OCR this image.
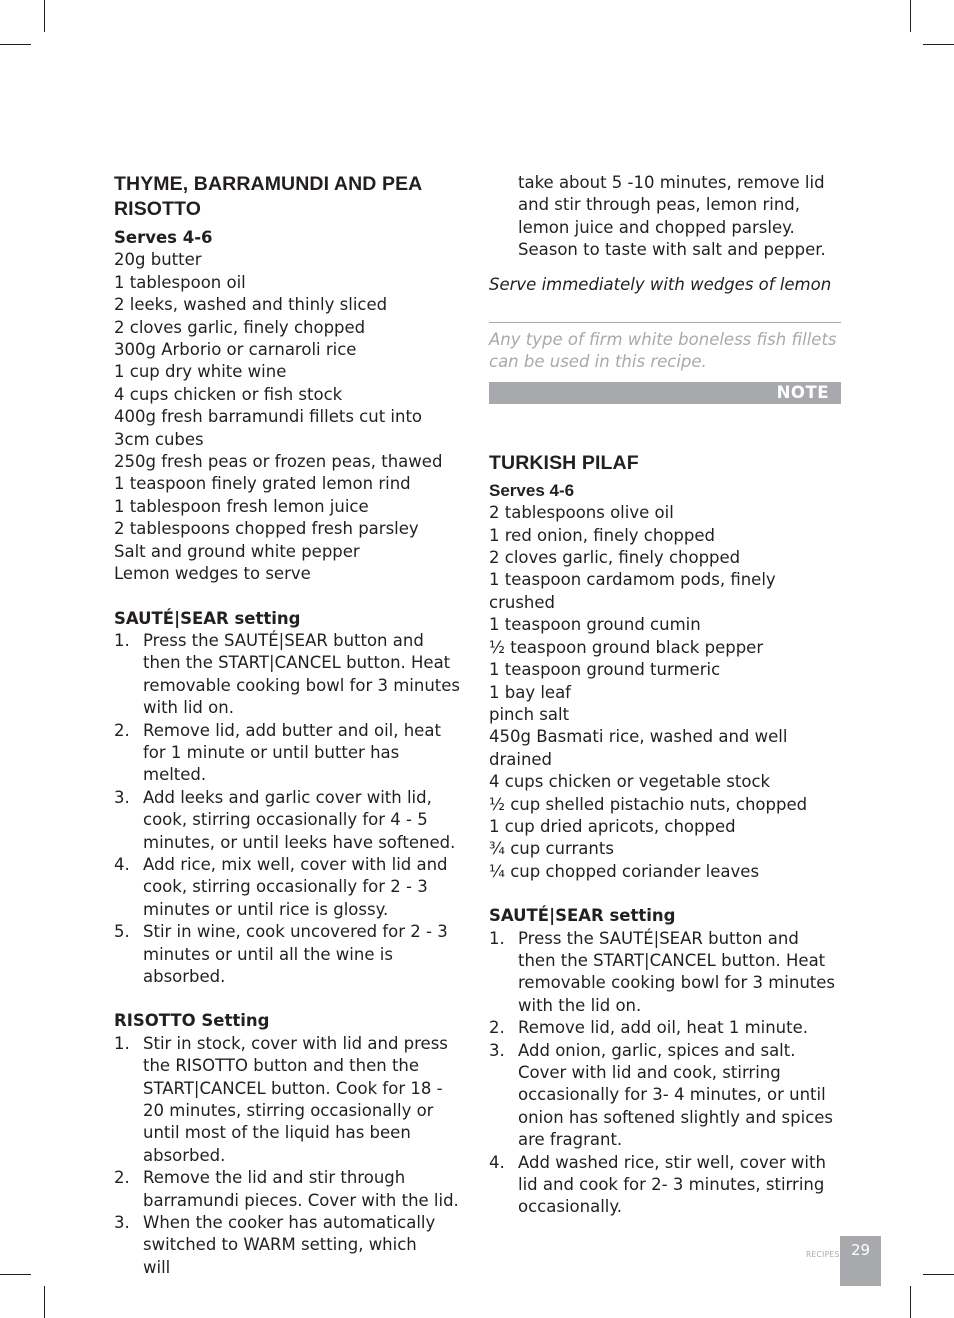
THYME, BARRAMUNDI AND PEA RISOTTO

Serves 4-6

20g butter
1 tablespoon oil
2 leeks, washed and thinly sliced
2 cloves garlic, finely chopped
300g Arborio or carnaroli rice
1 cup dry white wine
4 cups chicken or fish stock
400g fresh barramundi fillets cut into 3cm cubes
250g fresh peas or frozen peas, thawed
1 teaspoon finely grated lemon rind
1 tablespoon fresh lemon juice
2 tablespoons chopped fresh parsley
Salt and ground white pepper
Lemon wedges to serve

SAUTÉ|SEAR setting

1. Press the SAUTÉ|SEAR button and then the START|CANCEL button. Heat removable cooking bowl for 3 minutes with lid on.
2. Remove lid, add butter and oil, heat for 1 minute or until butter has melted.
3. Add leeks and garlic cover with lid, cook, stirring occasionally for 4 - 5 minutes, or until leeks have softened.
4. Add rice, mix well, cover with lid and cook, stirring occasionally for 2 - 3 minutes or until rice is glossy.
5. Stir in wine, cook uncovered for 2 - 3 minutes or until all the wine is absorbed.

RISOTTO Setting

1. Stir in stock, cover with lid and press the RISOTTO button and then the START|CANCEL button. Cook for 18 - 20 minutes, stirring occasionally or until most of the liquid has been absorbed.
2. Remove the lid and stir through barramundi pieces. Cover with the lid.
3. When the cooker has automatically switched to WARM setting, which will

take about 5 -10 minutes, remove lid and stir through peas, lemon rind, lemon juice and chopped parsley. Season to taste with salt and pepper.

Serve immediately with wedges of lemon

Any type of firm white boneless fish fillets can be used in this recipe.

NOTE
TURKISH PILAF

Serves 4-6

2 tablespoons olive oil
1 red onion, finely chopped
2 cloves garlic, finely chopped
1 teaspoon cardamom pods, finely crushed
1 teaspoon ground cumin
½ teaspoon ground black pepper
1 teaspoon ground turmeric
1 bay leaf
pinch salt
450g Basmati rice, washed and well drained
4 cups chicken or vegetable stock
½ cup shelled pistachio nuts, chopped
1 cup dried apricots, chopped
¾ cup currants
¼ cup chopped coriander leaves

SAUTÉ|SEAR setting

1. Press the SAUTÉ|SEAR button and then the START|CANCEL button. Heat removable cooking bowl for 3 minutes with the lid on.
2. Remove lid, add oil, heat 1 minute.
3. Add onion, garlic, spices and salt. Cover with lid and cook, stirring occasionally for 3- 4 minutes, or until onion has softened slightly and spices are fragrant.
4. Add washed rice, stir well, cover with lid and cook for 2- 3 minutes, stirring occasionally.
RECIPES 29
